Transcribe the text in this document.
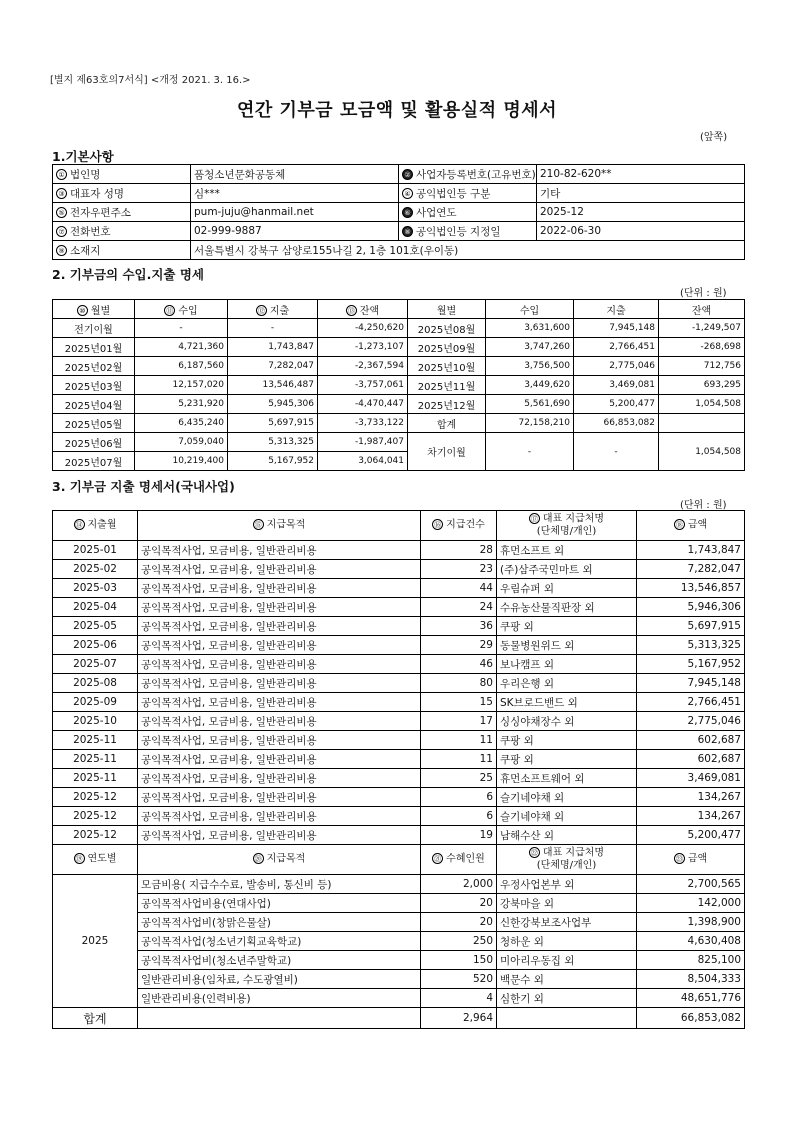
[별지 제63호의7서식] <개정 2021. 3. 16.>
연간 기부금 모금액 및 활용실적 명세서
(앞쪽)
1.기본사항
① 법인명	품청소년문화공동체	② 사업자등록번호(고유번호)	210-82-620**
③ 대표자 성명	심***	④ 공익법인등 구분	기타
⑤ 전자우편주소	pum-juju@hanmail.net	⑥ 사업연도	2025-12
⑦ 전화번호	02-999-9887	⑧ 공익법인등 지정일	2022-06-30
⑨ 소재지	서울특별시 강북구 삼양로155나길 2, 1층 101호(우이동)		
2. 기부금의 수입.지출 명세
(단위 : 원)
⑩ 월별	⑪ 수입	⑫ 지출	⑬ 잔액	월별	수입	지출	잔액
전기이월	-	-	-4,250,620	2025년08월	3,631,600	7,945,148	-1,249,507
2025년01월	4,721,360	1,743,847	-1,273,107	2025년09월	3,747,260	2,766,451	-268,698
2025년02월	6,187,560	7,282,047	-2,367,594	2025년10월	3,756,500	2,775,046	712,756
2025년03월	12,157,020	13,546,487	-3,757,061	2025년11월	3,449,620	3,469,081	693,295
2025년04월	5,231,920	5,945,306	-4,470,447	2025년12월	5,561,690	5,200,477	1,054,508
2025년05월	6,435,240	5,697,915	-3,733,122	합계	72,158,210	66,853,082	
2025년06월	7,059,040	5,313,325	-1,987,407	차기이월	-	-	1,054,508
2025년07월	10,219,400	5,167,952	3,064,041				
3. 기부금 지출 명세서(국내사업)
(단위 : 원)
⑭ 지출월	⑮ 지급목적	⑯ 지급건수	⑰ 대표 지급처명
(단체명/개인)	⑱ 금액
2025-01	공익목적사업, 모금비용, 일반관리비용	28	휴먼소프트 외	1,743,847
2025-02	공익목적사업, 모금비용, 일반관리비용	23	(주)삼주국민마트 외	7,282,047
2025-03	공익목적사업, 모금비용, 일반관리비용	44	우림슈퍼 외	13,546,857
2025-04	공익목적사업, 모금비용, 일반관리비용	24	수유농산물직판장 외	5,946,306
2025-05	공익목적사업, 모금비용, 일반관리비용	36	쿠팡 외	5,697,915
2025-06	공익목적사업, 모금비용, 일반관리비용	29	동물병원위드 외	5,313,325
2025-07	공익목적사업, 모금비용, 일반관리비용	46	보나캠프 외	5,167,952
2025-08	공익목적사업, 모금비용, 일반관리비용	80	우리은행 외	7,945,148
2025-09	공익목적사업, 모금비용, 일반관리비용	15	SK브로드밴드 외	2,766,451
2025-10	공익목적사업, 모금비용, 일반관리비용	17	싱싱야채장수 외	2,775,046
2025-11	공익목적사업, 모금비용, 일반관리비용	11	쿠팡 외	602,687
2025-11	공익목적사업, 모금비용, 일반관리비용	11	쿠팡 외	602,687
2025-11	공익목적사업, 모금비용, 일반관리비용	25	휴먼소프트웨어 외	3,469,081
2025-12	공익목적사업, 모금비용, 일반관리비용	6	슬기네야채 외	134,267
2025-12	공익목적사업, 모금비용, 일반관리비용	6	슬기네야채 외	134,267
2025-12	공익목적사업, 모금비용, 일반관리비용	19	남해수산 외	5,200,477
⑲ 연도별	⑳ 지급목적	㉑ 수혜인원	㉒ 대표 지급처명
(단체명/개인)	㉓ 금액
2025	모금비용( 지급수수료, 발송비, 통신비 등)	2,000	우정사업본부 외	2,700,565
	공익목적사업비용(연대사업)	20	강북마을 외	142,000
	공익목적사업비(창맑은물살)	20	신한강북보조사업부	1,398,900
	공익목적사업(청소년기획교육학교)	250	청하운 외	4,630,408
	공익목적사업비(청소년주말학교)	150	미아리우동집 외	825,100
	일반관리비용(임차료, 수도광열비)	520	백문수 외	8,504,333
	일반관리비용(인력비용)	4	심한기 외	48,651,776
합계		2,964		66,853,082
